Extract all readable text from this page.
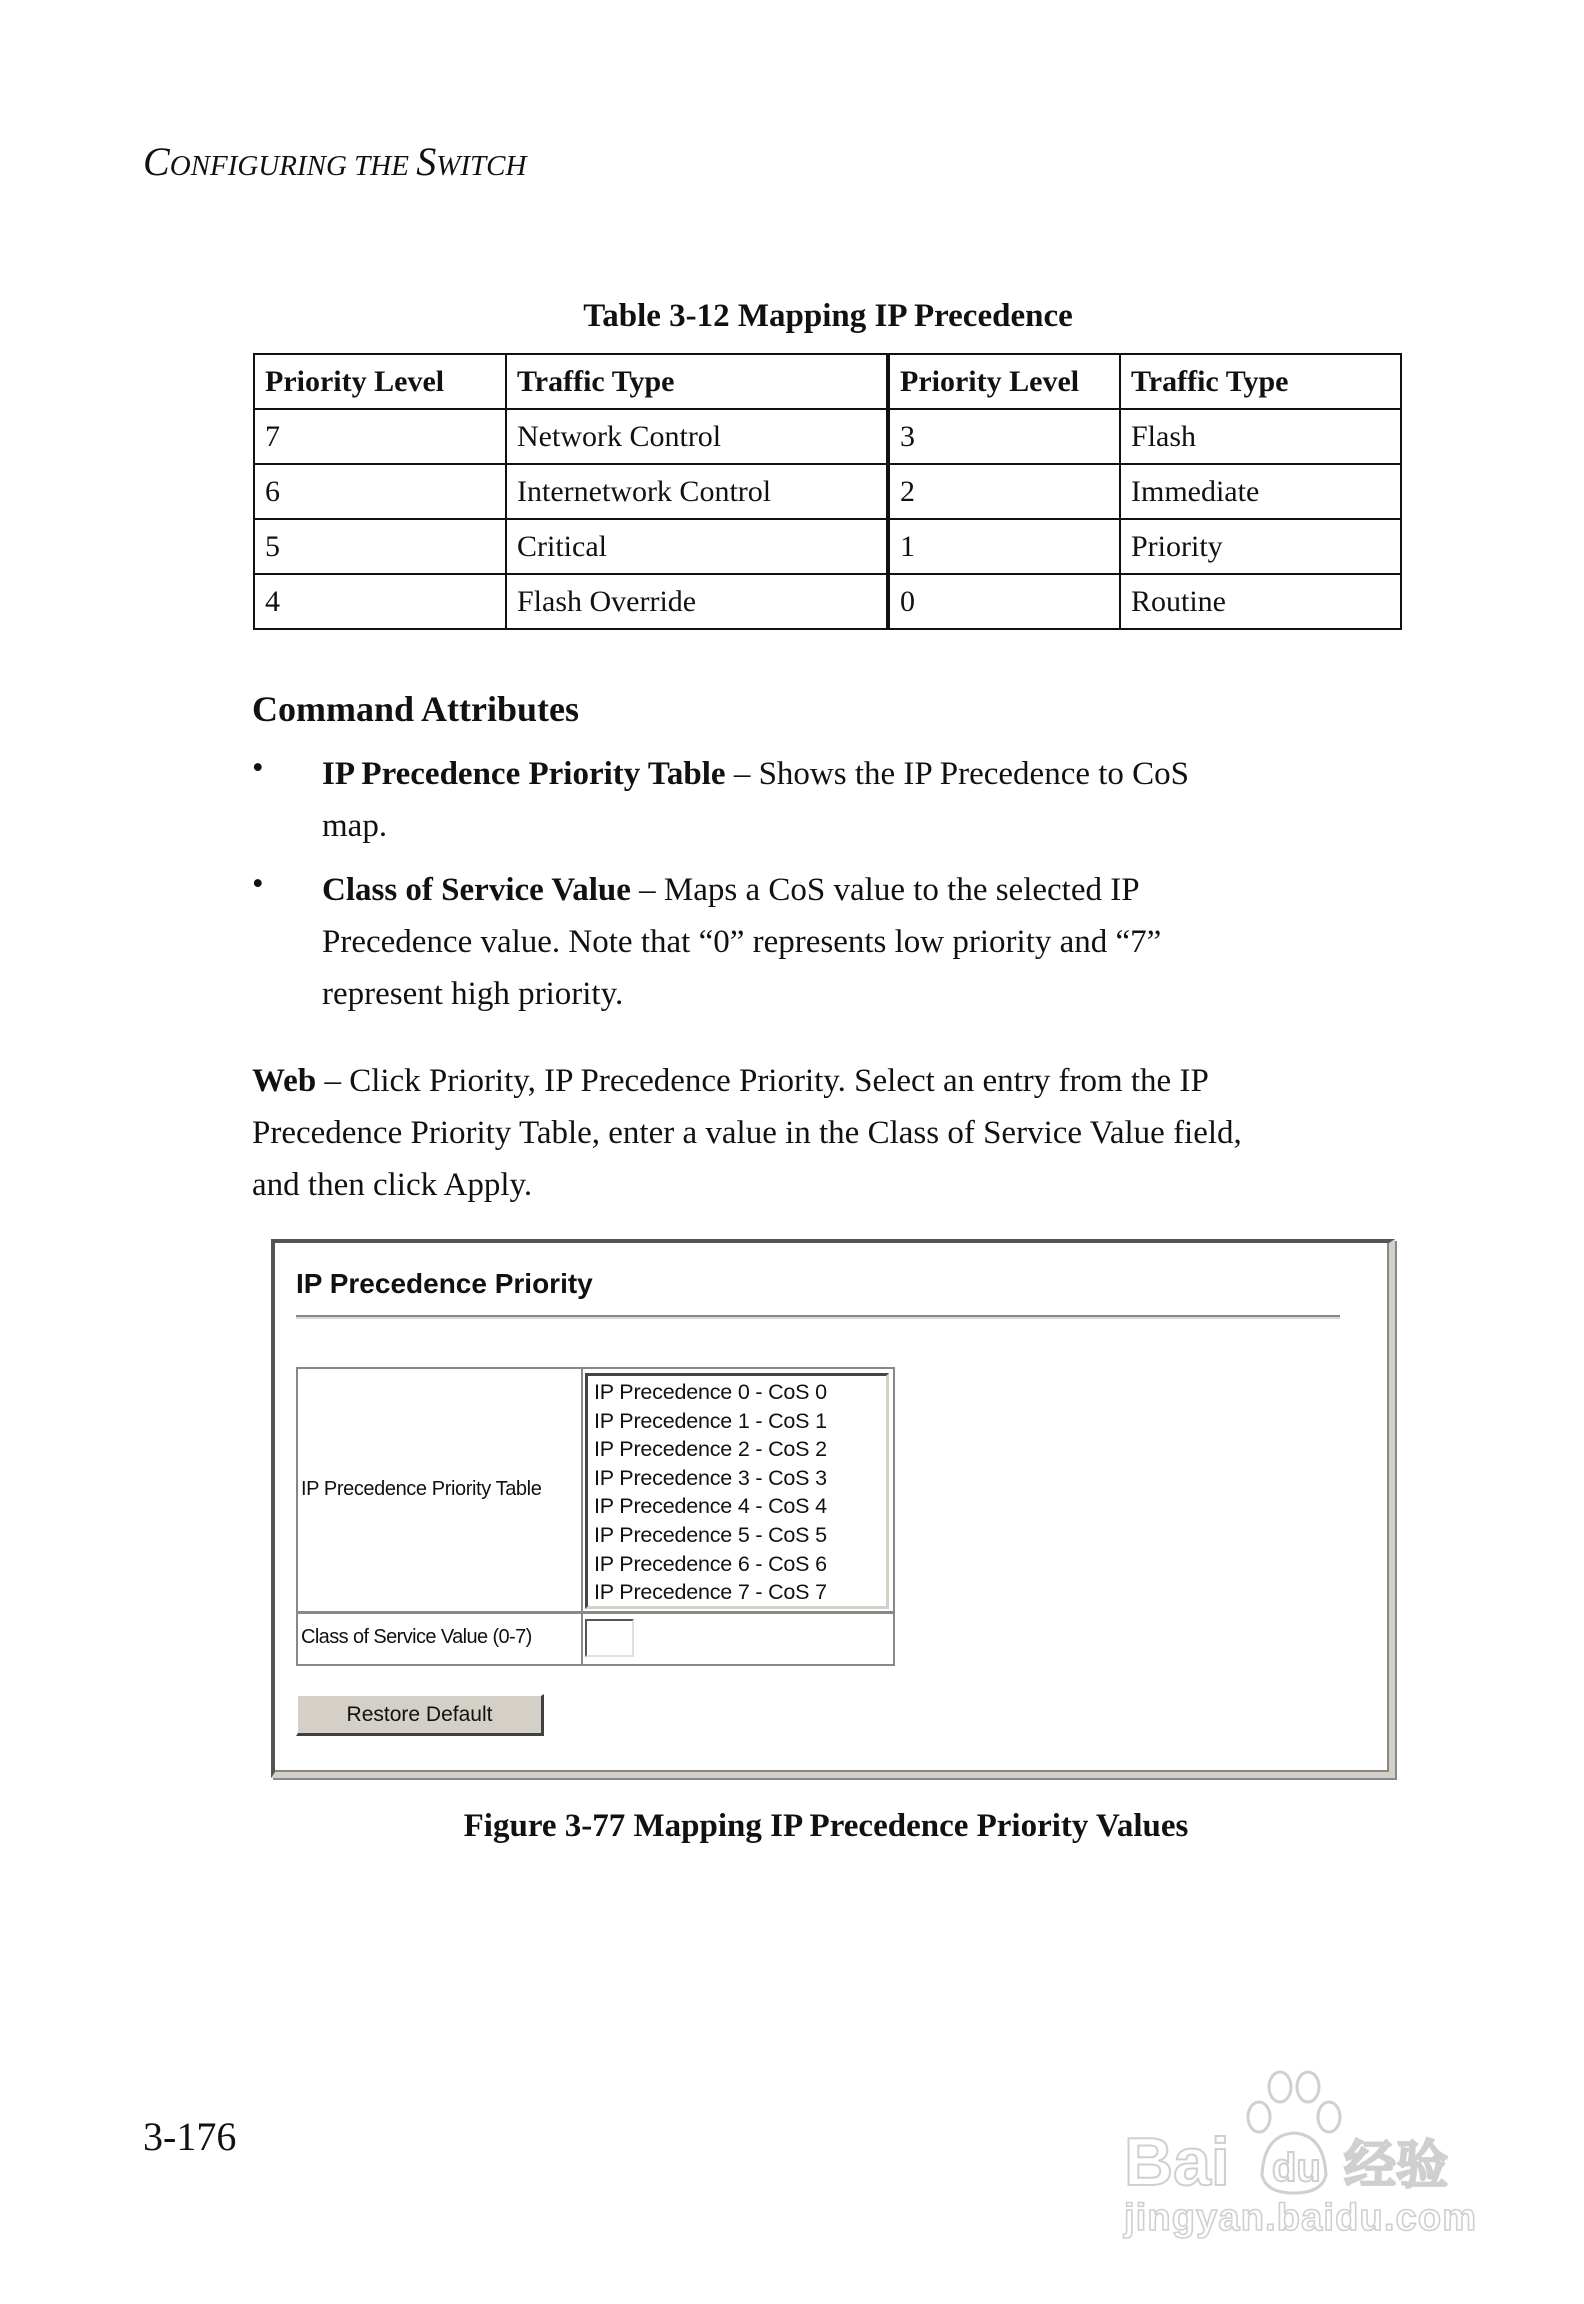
CONFIGURING THE SWITCH
Table 3-12 Mapping IP Precedence
Priority Level	Traffic Type	Priority Level	Traffic Type
7	Network Control	3	Flash
6	Internetwork Control	2	Immediate
5	Critical	1	Priority
4	Flash Override	0	Routine
Command Attributes
• IP Precedence Priority Table – Shows the IP Precedence to CoS
map.
• Class of Service Value – Maps a CoS value to the selected IP
Precedence value. Note that “0” represents low priority and “7”
represent high priority.
Web – Click Priority, IP Precedence Priority. Select an entry from the IP
Precedence Priority Table, enter a value in the Class of Service Value field,
and then click Apply.
IP Precedence Priority
IP Precedence Priority Table
IP Precedence 0 - CoS 0
IP Precedence 1 - CoS 1
IP Precedence 2 - CoS 2
IP Precedence 3 - CoS 3
IP Precedence 4 - CoS 4
IP Precedence 5 - CoS 5
IP Precedence 6 - CoS 6
IP Precedence 7 - CoS 7
Class of Service Value (0-7)
Restore Default
Figure 3-77 Mapping IP Precedence Priority Values
3-176	Bai du 经验
jingyan.baidu.com
